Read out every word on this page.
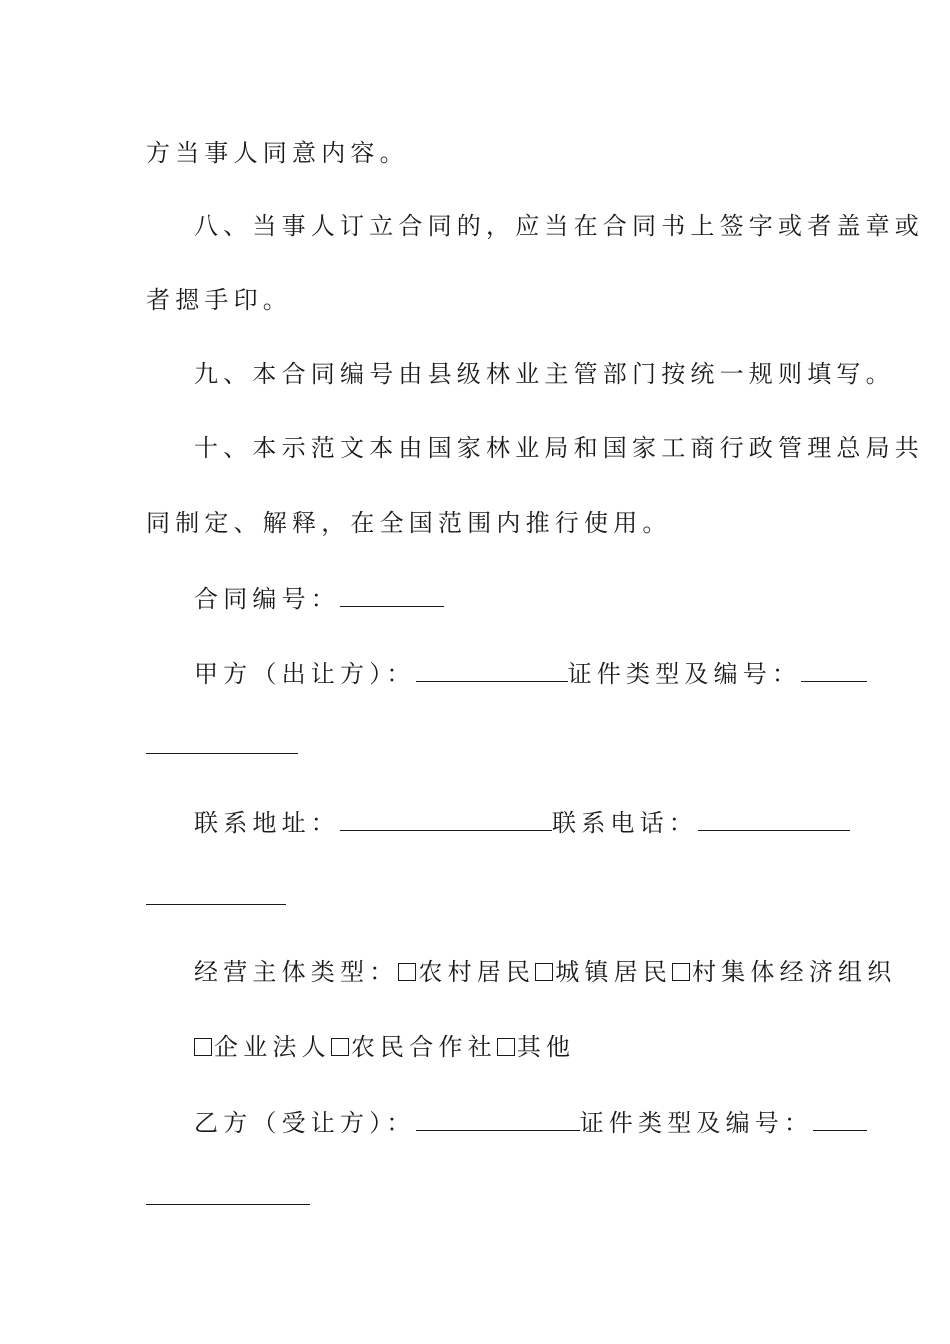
方当事人同意内容。
八、当事人订立合同的，应当在合同书上签字或者盖章或
者摁手印。
九、本合同编号由县级林业主管部门按统一规则填写。
十、本示范文本由国家林业局和国家工商行政管理总局共
同制定、解释，在全国范围内推行使用。
合同编号：
甲方（出让方）：	证件类型及编号：
联系地址：	联系电话：
经营主体类型： 农村居民 城镇居民 村集体经济组织
企业法人 农民合作社 其他
乙方（受让方）：	证件类型及编号：
